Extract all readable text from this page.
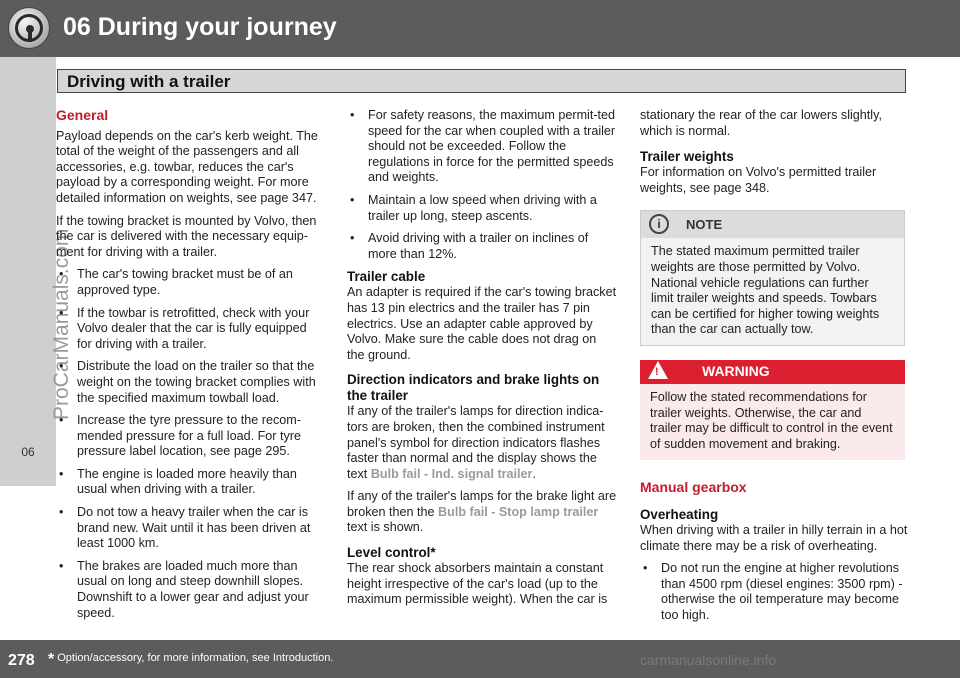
06 During your journey
06
ProCarManuals.com
Driving with a trailer
General

Payload depends on the car's kerb weight. The total of the weight of the passengers and all accessories, e.g. towbar, reduces the car's payload by a corresponding weight. For more detailed information on weights, see page 347.

If the towing bracket is mounted by Volvo, then the car is delivered with the necessary equip-ment for driving with a trailer.

• The car's towing bracket must be of an approved type.
• If the towbar is retrofitted, check with your Volvo dealer that the car is fully equipped for driving with a trailer.
• Distribute the load on the trailer so that the weight on the towing bracket complies with the specified maximum towball load.
• Increase the tyre pressure to the recom-mended pressure for a full load. For tyre pressure label location, see page 295.
• The engine is loaded more heavily than usual when driving with a trailer.
• Do not tow a heavy trailer when the car is brand new. Wait until it has been driven at least 1000 km.
• The brakes are loaded much more than usual on long and steep downhill slopes. Downshift to a lower gear and adjust your speed.
• For safety reasons, the maximum permit-ted speed for the car when coupled with a trailer should not be exceeded. Follow the regulations in force for the permitted speeds and weights.
• Maintain a low speed when driving with a trailer up long, steep ascents.
• Avoid driving with a trailer on inclines of more than 12%.
Trailer cable

An adapter is required if the car's towing bracket has 13 pin electrics and the trailer has 7 pin electrics. Use an adapter cable approved by Volvo. Make sure the cable does not drag on the ground.

Direction indicators and brake lights on the trailer

If any of the trailer's lamps for direction indica-tors are broken, then the combined instrument panel's symbol for direction indicators flashes faster than normal and the display shows the text Bulb fail - Ind. signal trailer.

If any of the trailer's lamps for the brake light are broken then the Bulb fail - Stop lamp trailer text is shown.

Level control*

The rear shock absorbers maintain a constant height irrespective of the car's load (up to the maximum permissible weight). When the car is

stationary the rear of the car lowers slightly, which is normal.

Trailer weights

For information on Volvo's permitted trailer weights, see page 348.

i	NOTE
The stated maximum permitted trailer weights are those permitted by Volvo. National vehicle regulations can further limit trailer weights and speeds. Towbars can be certified for higher towing weights than the car can actually tow.
!	WARNING
Follow the stated recommendations for trailer weights. Otherwise, the car and trailer may be difficult to control in the event of sudden movement and braking.
Manual gearbox
Overheating

When driving with a trailer in hilly terrain in a hot climate there may be a risk of overheating.

• Do not run the engine at higher revolutions than 4500 rpm (diesel engines: 3500 rpm) - otherwise the oil temperature may become too high.
278 * Option/accessory, for more information, see Introduction.	carmanualsonline.info
